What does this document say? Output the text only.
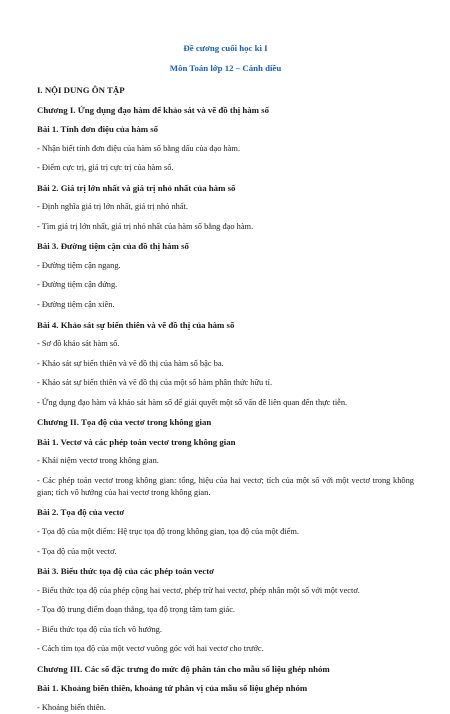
Đề cương cuối học kì I

Môn Toán lớp 12 – Cánh diều

I. NỘI DUNG ÔN TẬP

Chương I. Ứng dụng đạo hàm để khảo sát và vẽ đồ thị hàm số

Bài 1. Tính đơn điệu của hàm số

- Nhận biết tính đơn điệu của hàm số bằng dấu của đạo hàm.

- Điểm cực trị, giá trị cực trị của hàm số.

Bài 2. Giá trị lớn nhất và giá trị nhỏ nhất của hàm số

- Định nghĩa giá trị lớn nhất, giá trị nhỏ nhất.

- Tìm giá trị lớn nhất, giá trị nhỏ nhất của hàm số bằng đạo hàm.

Bài 3. Đường tiệm cận của đồ thị hàm số

- Đường tiệm cận ngang.

- Đường tiệm cận đứng.

- Đường tiệm cận xiên.

Bài 4. Khảo sát sự biến thiên và vẽ đồ thị của hàm số

- Sơ đồ khảo sát hàm số.

- Khảo sát sự biến thiên và vẽ đồ thị của hàm số bậc ba.

- Khảo sát sự biến thiên và vẽ đồ thị của một số hàm phân thức hữu tỉ.

- Ứng dụng đạo hàm và khảo sát hàm số để giải quyết một số vấn đề liên quan đến thực tiễn.

Chương II. Tọa độ của vectơ trong không gian

Bài 1. Vectơ và các phép toán vectơ trong không gian

- Khái niệm vectơ trong không gian.

- Các phép toán vectơ trong không gian: tổng, hiệu của hai vectơ; tích của một số với một vectơ trong không gian; tích vô hướng của hai vectơ trong không gian.

Bài 2. Tọa độ của vectơ

- Tọa độ của một điểm: Hệ trục tọa độ trong không gian, tọa độ của một điểm.

- Tọa độ của một vectơ.

Bài 3. Biểu thức tọa độ của các phép toán vectơ

- Biểu thức tọa độ của phép cộng hai vectơ, phép trừ hai vectơ, phép nhân một số với một vectơ.

- Tọa độ trung điểm đoạn thẳng, tọa độ trọng tâm tam giác.

- Biểu thức tọa độ của tích vô hướng.

- Cách tìm tọa độ của một vectơ vuông góc với hai vectơ cho trước.

Chương III. Các số đặc trưng đo mức độ phân tán cho mẫu số liệu ghép nhóm

Bài 1. Khoảng biến thiên, khoảng tứ phân vị của mẫu số liệu ghép nhóm

- Khoảng biến thiên.
